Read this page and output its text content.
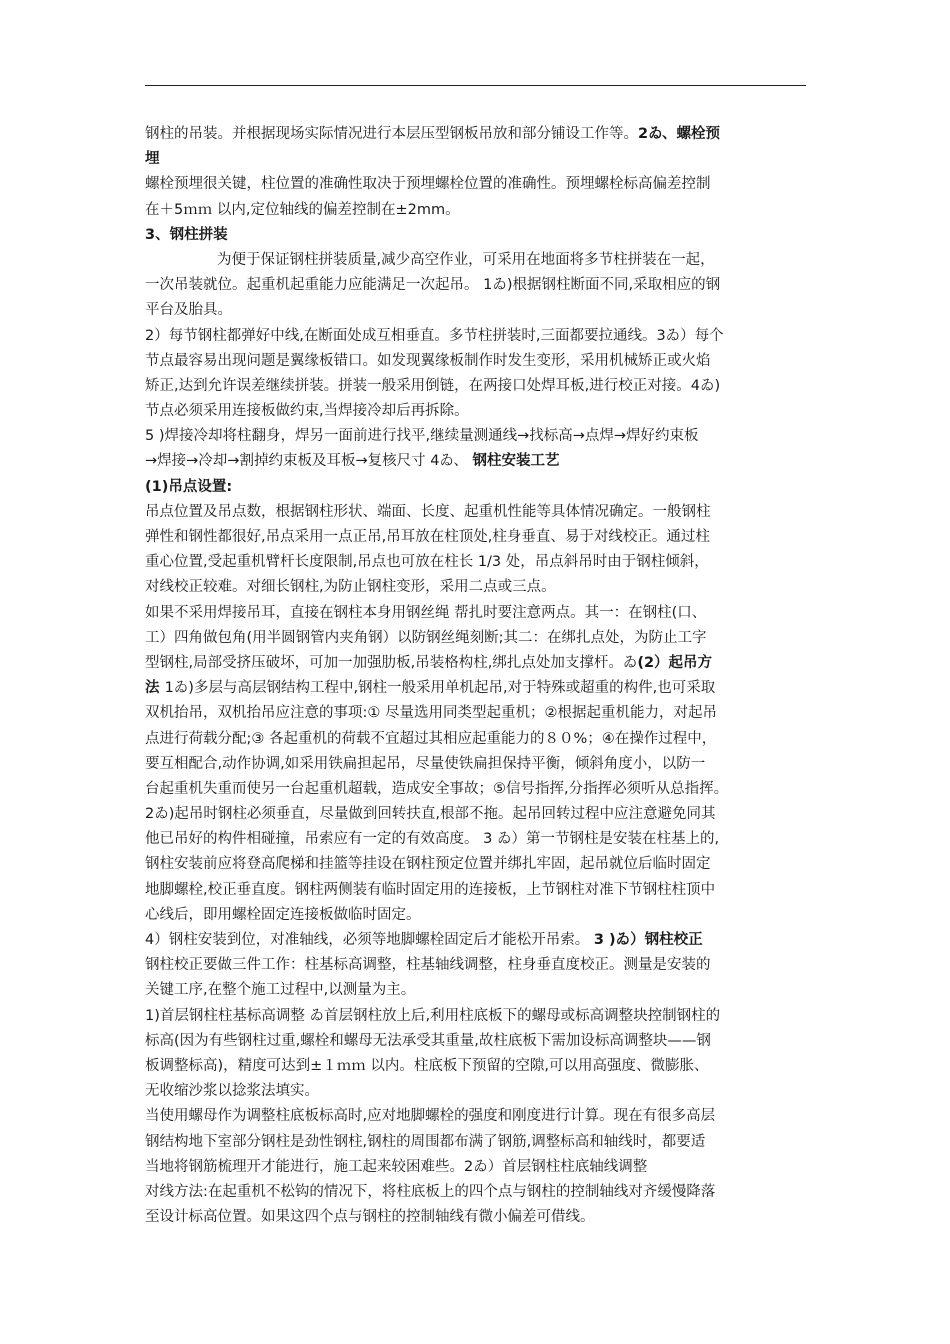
钢柱的吊装。并根据现场实际情况进行本层压型钢板吊放和部分铺设工作等。2ゐ、螺栓预
埋
螺栓预埋很关键，柱位置的准确性取决于预埋螺栓位置的准确性。预埋螺栓标高偏差控制
在＋5ｍｍ 以内,定位轴线的偏差控制在±2mm。
3、钢柱拼装
为便于保证钢柱拼装质量,减少高空作业，可采用在地面将多节柱拼装在一起，
一次吊装就位。起重机起重能力应能满足一次起吊。 1ゐ)根据钢柱断面不同,采取相应的钢
平台及胎具。
2）每节钢柱都弹好中线,在断面处成互相垂直。多节柱拼装时,三面都要拉通线。3ゐ）每个
节点最容易出现问题是翼缘板错口。如发现翼缘板制作时发生变形，采用机械矫正或火焰
矫正,达到允许误差继续拼装。拼装一般采用倒链，在两接口处焊耳板,进行校正对接。4ゐ)
节点必须采用连接板做约束,当焊接冷却后再拆除。
5 )焊接冷却将柱翻身，焊另一面前进行找平,继续量测通线→找标高→点焊→焊好约束板
→焊接→冷却→割掉约束板及耳板→复核尺寸 4ゐ、 钢柱安装工艺
(1)吊点设置:
吊点位置及吊点数，根据钢柱形状、端面、长度、起重机性能等具体情况确定。一般钢柱
弹性和钢性都很好,吊点采用一点正吊,吊耳放在柱顶处,柱身垂直、易于对线校正。通过柱
重心位置,受起重机臂杆长度限制,吊点也可放在柱长 1/3 处，吊点斜吊时由于钢柱倾斜，
对线校正较难。对细长钢柱,为防止钢柱变形，采用二点或三点。
如果不采用焊接吊耳，直接在钢柱本身用钢丝绳 帮扎时要注意两点。其一：在钢柱(口、
工）四角做包角(用半圆钢管内夹角钢）以防钢丝绳刻断;其二：在绑扎点处，为防止工字
型钢柱,局部受挤压破坏，可加一加强肋板,吊装格构柱,绑扎点处加支撑杆。ゐ(2）起吊方
法 1ゐ)多层与高层钢结构工程中,钢柱一般采用单机起吊,对于特殊或超重的构件,也可采取
双机抬吊，双机抬吊应注意的事项:① 尽量选用同类型起重机；②根据起重机能力，对起吊
点进行荷载分配;③ 各起重机的荷载不宜超过其相应起重能力的８０%；④在操作过程中，
要互相配合,动作协调,如采用铁扁担起吊，尽量使铁扁担保持平衡，倾斜角度小，以防一
台起重机失重而使另一台起重机超载，造成安全事故；⑤信号指挥,分指挥必须听从总指挥。
2ゐ)起吊时钢柱必须垂直，尽量做到回转扶直,根部不拖。起吊回转过程中应注意避免同其
他已吊好的构件相碰撞，吊索应有一定的有效高度。 3 ゐ）第一节钢柱是安装在柱基上的,
钢柱安装前应将登高爬梯和挂篮等挂设在钢柱预定位置并绑扎牢固，起吊就位后临时固定
地脚螺栓,校正垂直度。钢柱两侧装有临时固定用的连接板，上节钢柱对准下节钢柱柱顶中
心线后，即用螺栓固定连接板做临时固定。
4）钢柱安装到位，对准轴线，必须等地脚螺栓固定后才能松开吊索。 3 )ゐ）钢柱校正
钢柱校正要做三件工作：柱基标高调整，柱基轴线调整，柱身垂直度校正。测量是安装的
关键工序,在整个施工过程中,以测量为主。
1)首层钢柱柱基标高调整 ゐ首层钢柱放上后,利用柱底板下的螺母或标高调整块控制钢柱的
标高(因为有些钢柱过重,螺栓和螺母无法承受其重量,故柱底板下需加设标高调整块——钢
板调整标高)，精度可达到±１ｍｍ 以内。柱底板下预留的空隙,可以用高强度、微膨胀、
无收缩沙浆以捻浆法填实。
当使用螺母作为调整柱底板标高时,应对地脚螺栓的强度和刚度进行计算。现在有很多高层
钢结构地下室部分钢柱是劲性钢柱,钢柱的周围都布满了钢筋,调整标高和轴线时，都要适
当地将钢筋梳理开才能进行，施工起来较困难些。2ゐ）首层钢柱柱底轴线调整
对线方法:在起重机不松钩的情况下，将柱底板上的四个点与钢柱的控制轴线对齐缓慢降落
至设计标高位置。如果这四个点与钢柱的控制轴线有微小偏差可借线。
